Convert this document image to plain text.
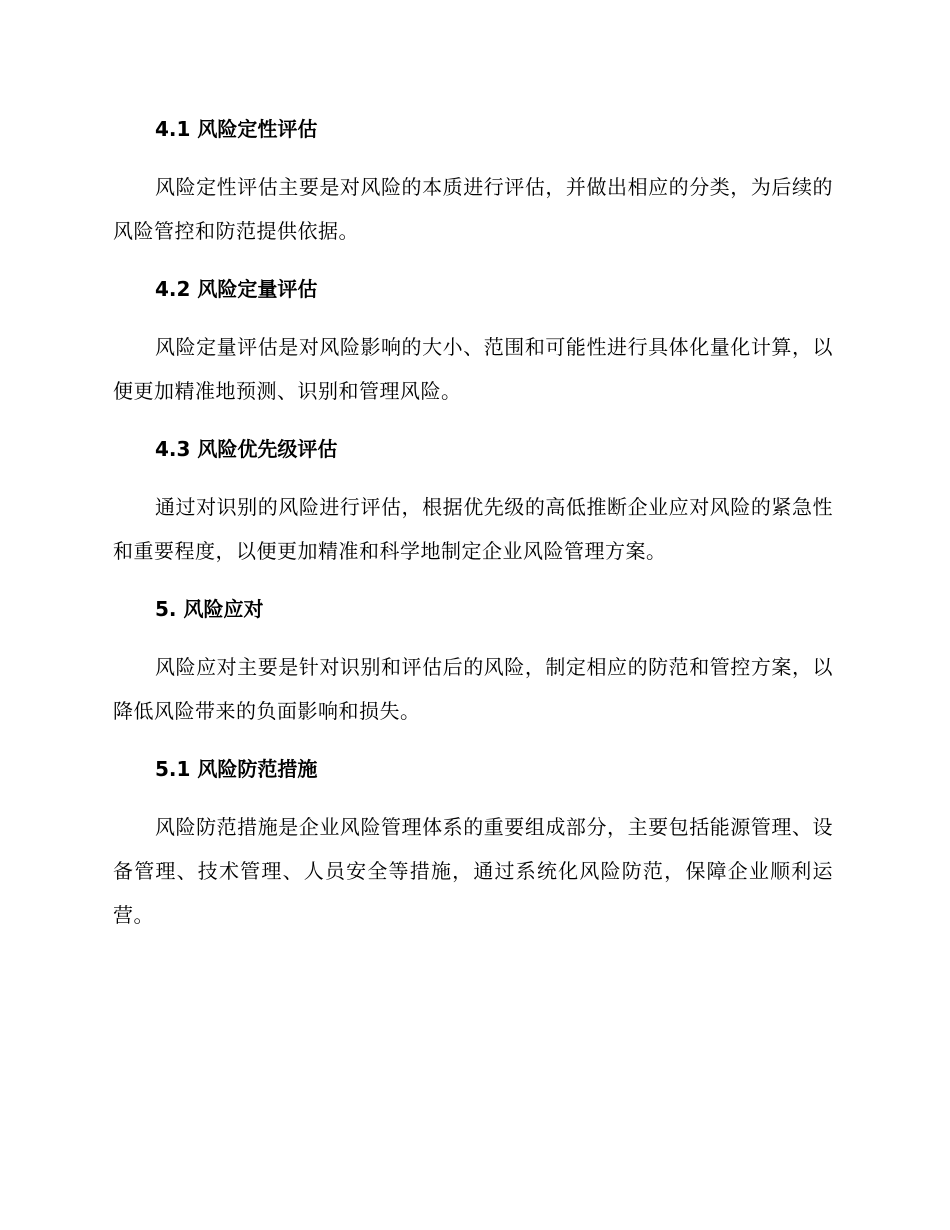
4.1 风险定性评估
风险定性评估主要是对风险的本质进行评估，并做出相应的分类，为后续的风险管控和防范提供依据。
4.2 风险定量评估
风险定量评估是对风险影响的大小、范围和可能性进行具体化量化计算，以便更加精准地预测、识别和管理风险。
4.3 风险优先级评估
通过对识别的风险进行评估，根据优先级的高低推断企业应对风险的紧急性和重要程度，以便更加精准和科学地制定企业风险管理方案。
5. 风险应对
风险应对主要是针对识别和评估后的风险，制定相应的防范和管控方案，以降低风险带来的负面影响和损失。
5.1 风险防范措施
风险防范措施是企业风险管理体系的重要组成部分，主要包括能源管理、设备管理、技术管理、人员安全等措施，通过系统化风险防范，保障企业顺利运营。
